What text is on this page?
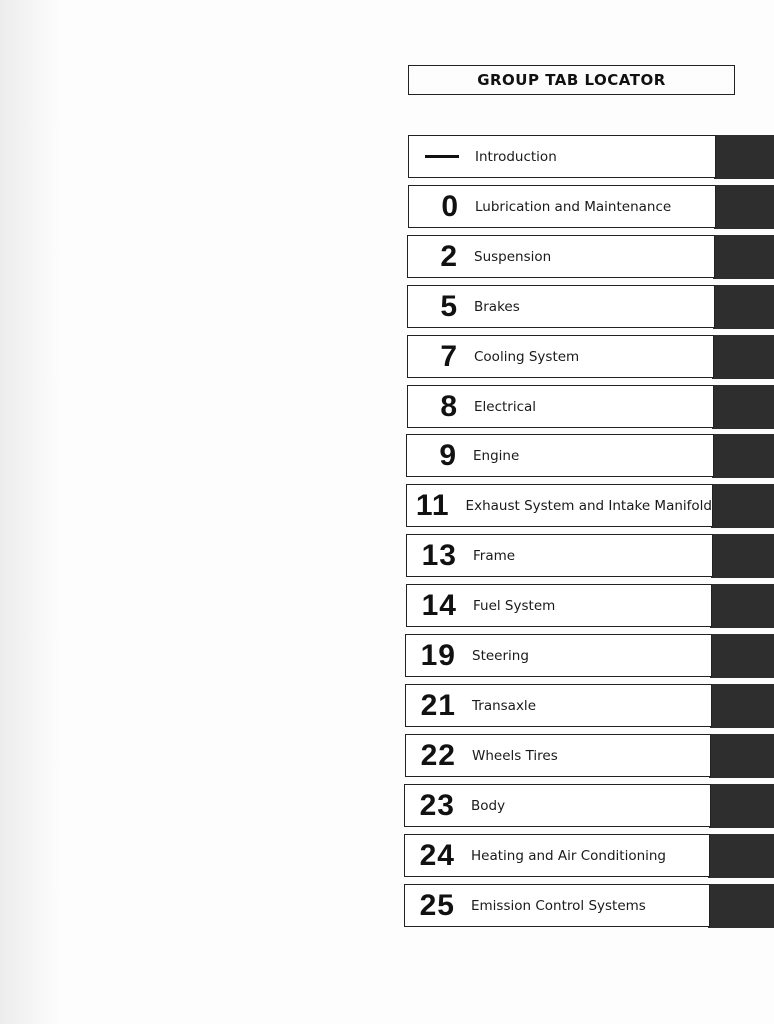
GROUP TAB LOCATOR
Introduction
0	Lubrication and Maintenance
2	Suspension
5	Brakes
7	Cooling System
8	Electrical
9	Engine
11	Exhaust System and Intake Manifold
13	Frame
14	Fuel System
19	Steering
21	Transaxle
22	Wheels Tires
23	Body
24	Heating and Air Conditioning
25	Emission Control Systems
